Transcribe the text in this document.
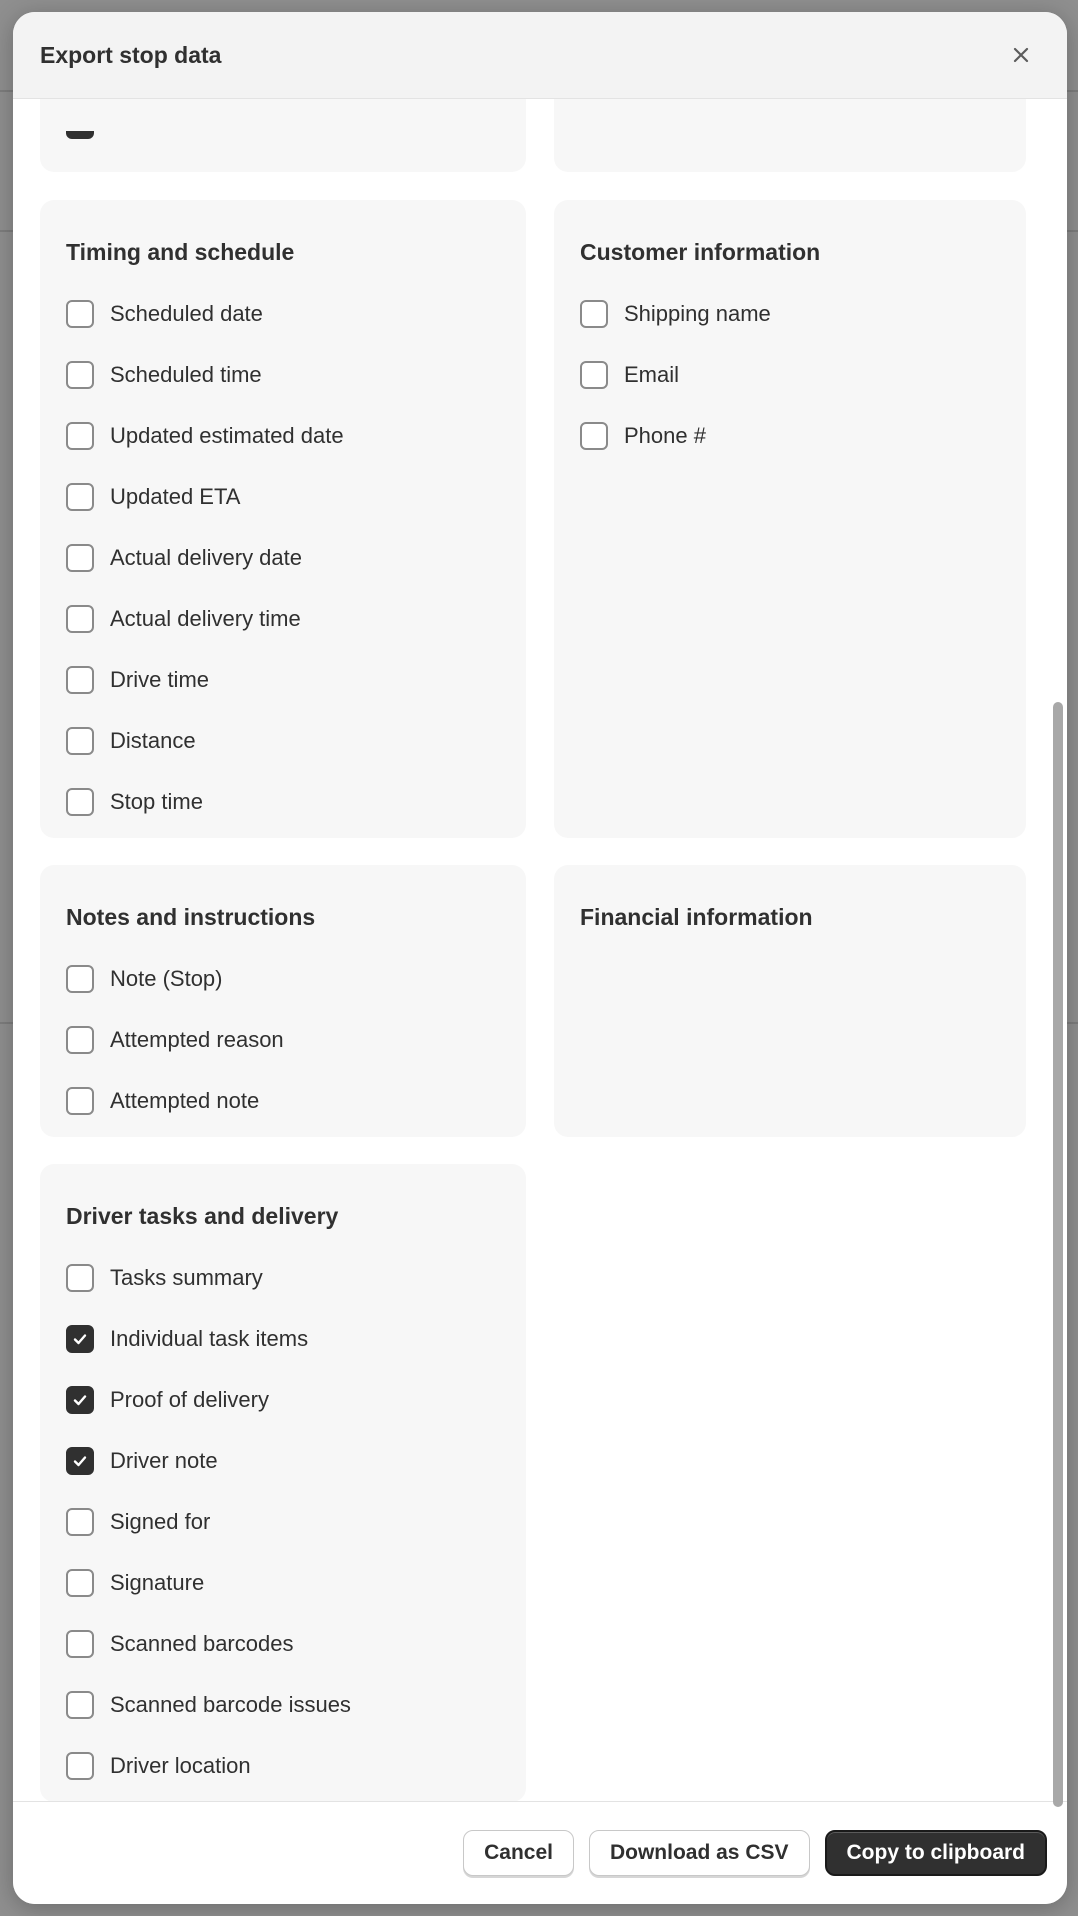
Export stop data
Timing and schedule
Scheduled date
Scheduled time
Updated estimated date
Updated ETA
Actual delivery date
Actual delivery time
Drive time
Distance
Stop time
Customer information
Shipping name
Email
Phone #
Notes and instructions
Note (Stop)
Attempted reason
Attempted note
Financial information
Driver tasks and delivery
Tasks summary
Individual task items
Proof of delivery
Driver note
Signed for
Signature
Scanned barcodes
Scanned barcode issues
Driver location
Cancel	Download as CSV	Copy to clipboard
